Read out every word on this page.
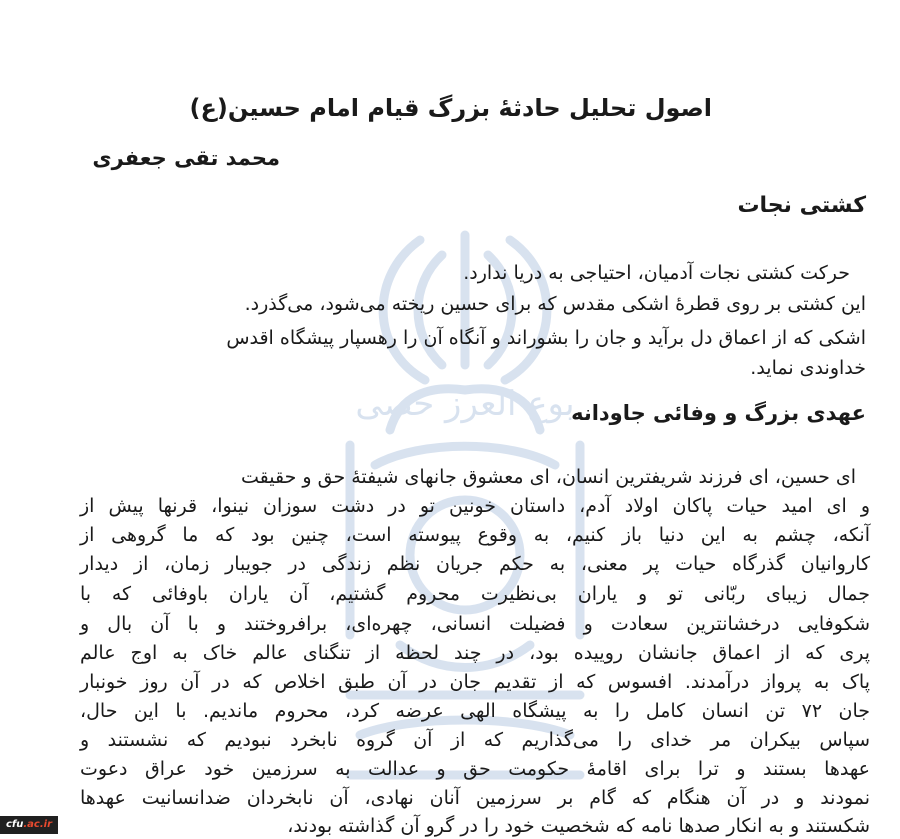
بوع العرز حصی
اصول تحلیل حادثۀ بزرگ قیام امام حسین(ع)
محمد تقی جعفری
کشتی نجات
حرکت کشتی نجات آدمیان، احتیاجی به دریا ندارد.
این کشتی بر روی قطرۀ اشکی مقدس که برای حسین ریخته می‌شود، می‌گذرد.
اشکی که از اعماق دل برآید و جان را بشوراند و آنگاه آن را رهسپار پیشگاه اقدس
خداوندی نماید.
عهدی بزرگ و وفائی جاودانه
ای حسین، ای فرزند شریفترین انسان، ای معشوق جانهای شیفتۀ حق و حقیقت
و ای امید حیات پاکان اولاد آدم، داستان خونین تو در دشت سوزان نینوا، قرنها پیش از
آنکه، چشم به این دنیا باز کنیم، به وقوع پیوسته است، چنین بود که ما گروهی از
کاروانیان گذرگاه حیات پر معنی، به حکم جریان نظم زندگی در جویبار زمان، از دیدار
جمال زیبای ربّانی تو و یاران بی‌نظیرت محروم گشتیم، آن یاران باوفائی که با
شکوفایی درخشانترین سعادت و فضیلت انسانی، چهره‌ای، برافروختند و با آن بال و
پری که از اعماق جانشان روییده بود، در چند لحظه از تنگنای عالم خاک به اوج عالم
پاک به پرواز درآمدند. افسوس که از تقدیم جان در آن طبق اخلاص که در آن روز خونبار
جان ۷۲ تن انسان کامل را به پیشگاه الهی عرضه کرد، محروم ماندیم. با این حال،
سپاس بیکران مر خدای را می‌گذاریم که از آن گروه نابخرد نبودیم که نشستند و
عهدها بستند و ترا برای اقامۀ حکومت حق و عدالت به سرزمین خود عراق دعوت
نمودند و در آن هنگام که گام بر سرزمین آنان نهادی، آن نابخردان ضدانسانیت عهدها
شکستند و به انکار صدها نامه که شخصیت خود را در گرو آن گذاشته بودند،
cfu.ac.ir
